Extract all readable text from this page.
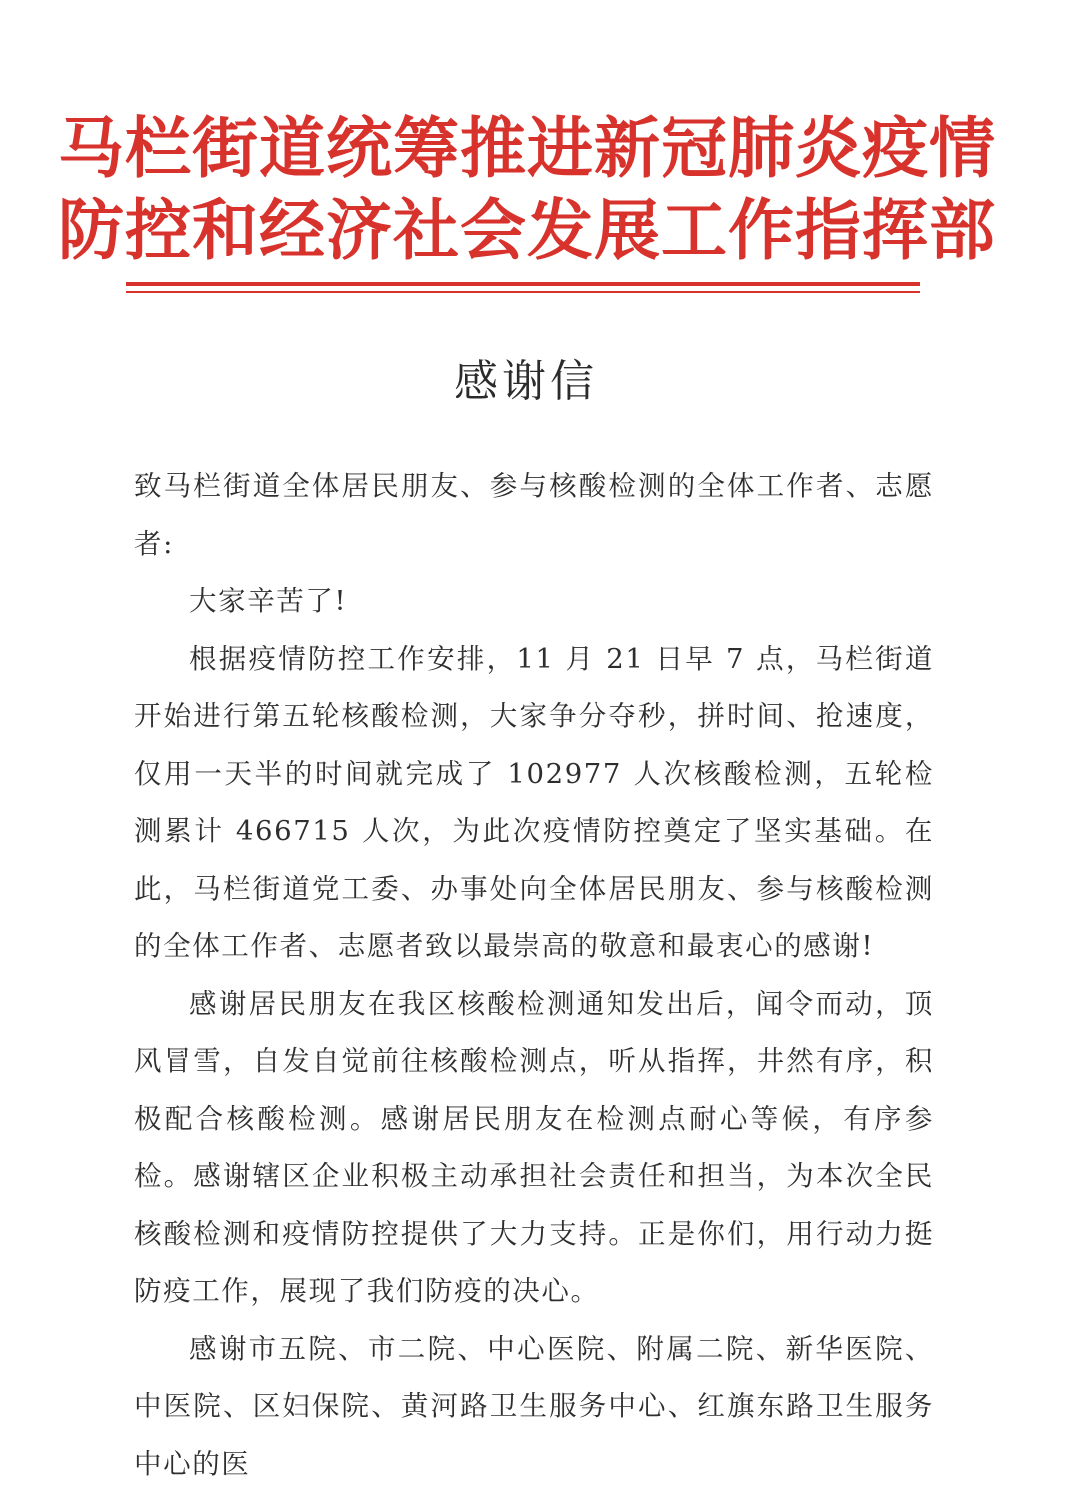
马栏街道统筹推进新冠肺炎疫情
防控和经济社会发展工作指挥部
感谢信

致马栏街道全体居民朋友、参与核酸检测的全体工作者、志愿者:

大家辛苦了!

根据疫情防控工作安排，11 月 21 日早 7 点，马栏街道开始进行第五轮核酸检测，大家争分夺秒，拼时间、抢速度，仅用一天半的时间就完成了 102977 人次核酸检测，五轮检测累计 466715 人次，为此次疫情防控奠定了坚实基础。在此，马栏街道党工委、办事处向全体居民朋友、参与核酸检测的全体工作者、志愿者致以最崇高的敬意和最衷心的感谢!

感谢居民朋友在我区核酸检测通知发出后，闻令而动，顶风冒雪，自发自觉前往核酸检测点，听从指挥，井然有序，积极配合核酸检测。感谢居民朋友在检测点耐心等候，有序参检。感谢辖区企业积极主动承担社会责任和担当，为本次全民核酸检测和疫情防控提供了大力支持。正是你们，用行动力挺防疫工作，展现了我们防疫的决心。

感谢市五院、市二院、中心医院、附属二院、新华医院、中医院、区妇保院、黄河路卫生服务中心、红旗东路卫生服务中心的医
